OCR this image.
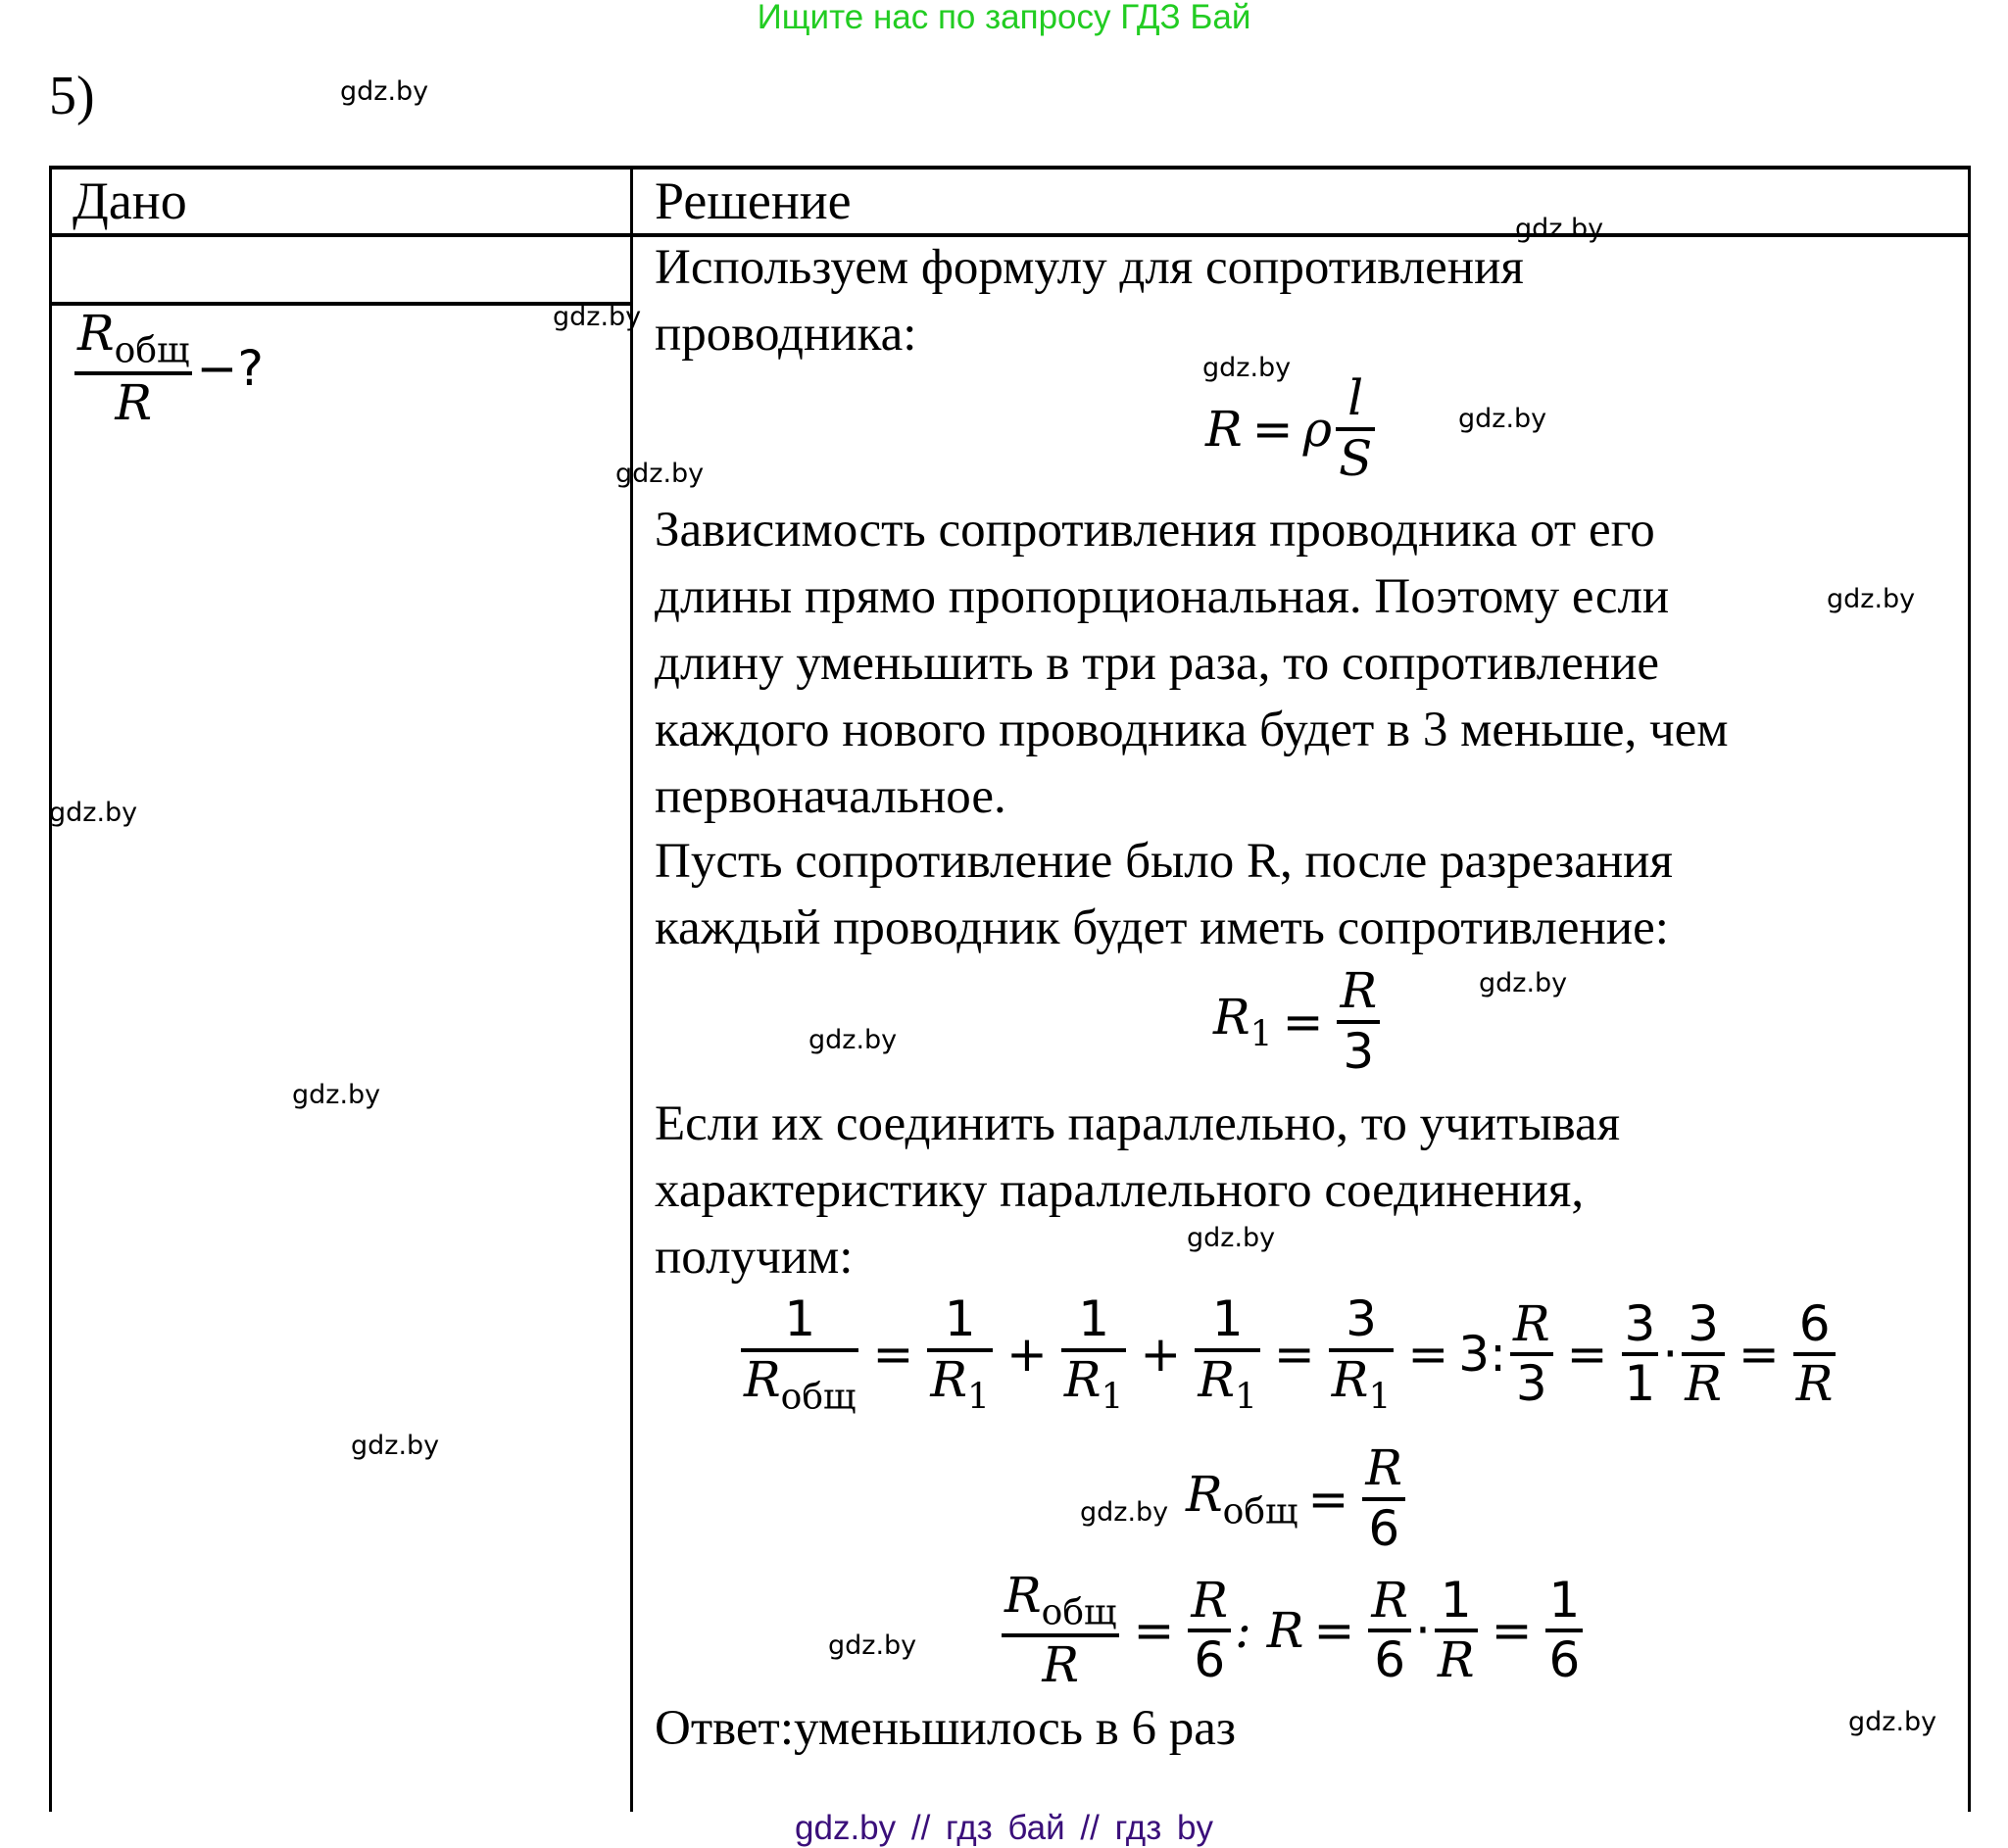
Ищите нас по запросу ГДЗ Бай
5)
Дано	Решение
$\frac{R_{общ}}{R}$ −?
Используем формулу для сопротивления
проводника:
R = ρ $\frac{l}{S}$
Зависимость сопротивления проводника от его
длины прямо пропорциональная. Поэтому если
длину уменьшить в три раза, то сопротивление
каждого нового проводника будет в 3 меньше, чем
первоначальное.
Пусть сопротивление было R, после разрезания
каждый проводник будет иметь сопротивление:
$R_1 = \frac{R}{3}$
Если их соединить параллельно, то учитывая
характеристику параллельного соединения,
получим:
$\frac{1}{R_{общ}} = \frac{1}{R_1} + \frac{1}{R_1} + \frac{1}{R_1} = \frac{3}{R_1} = 3$: $\frac{R}{3} = \frac{3}{1} \cdot \frac{3}{R} = \frac{6}{R}$
$R_{общ} = \frac{R}{6}$
$\frac{R_{общ}}{R} = \frac{R}{6}$ : $R = \frac{R}{6} \cdot \frac{1}{R} = \frac{1}{6}$
Ответ:уменьшилось в 6 раз
gdz.by
gdz.by
gdz.by
gdz.by
gdz.by
gdz.by
gdz.by
gdz.by
gdz.by
gdz.by
gdz.by
gdz.by
gdz.by
gdz.by
gdz.by
gdz.by
gdz.by // гдз бай // гдз by
